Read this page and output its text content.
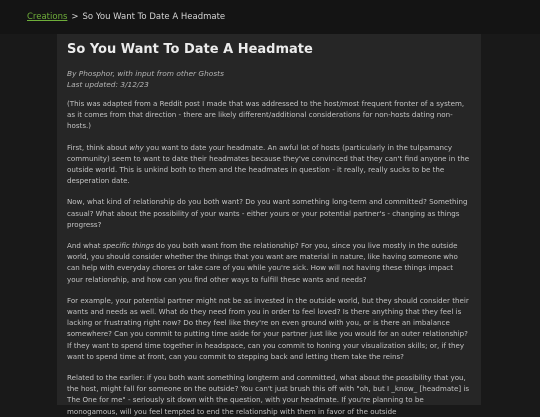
Creations > So You Want To Date A Headmate
So You Want To Date A Headmate
By Phosphor, with input from other Ghosts
Last updated: 3/12/23

(This was adapted from a Reddit post I made that was addressed to the host/most frequent fronter of a system, as it comes from that direction - there are likely different/additional considerations for non-hosts dating non-hosts.)

First, think about why you want to date your headmate. An awful lot of hosts (particularly in the tulpamancy community) seem to want to date their headmates because they've convinced that they can't find anyone in the outside world. This is unkind both to them and the headmates in question - it really, really sucks to be the desperation date.

Now, what kind of relationship do you both want? Do you want something long-term and committed? Something casual? What about the possibility of your wants - either yours or your potential partner's - changing as things progress?

And what specific things do you both want from the relationship? For you, since you live mostly in the outside world, you should consider whether the things that you want are material in nature, like having someone who can help with everyday chores or take care of you while you're sick. How will not having these things impact your relationship, and how can you find other ways to fulfill these wants and needs?

For example, your potential partner might not be as invested in the outside world, but they should consider their wants and needs as well. What do they need from you in order to feel loved? Is there anything that they feel is lacking or frustrating right now? Do they feel like they're on even ground with you, or is there an imbalance somewhere? Can you commit to putting time aside for your partner just like you would for an outer relationship? If they want to spend time together in headspace, can you commit to honing your visualization skills; or, if they want to spend time at front, can you commit to stepping back and letting them take the reins?

Related to the earlier: if you both want something longterm and committed, what about the possibility that you, the host, might fall for someone on the outside? You can't just brush this off with "oh, but I _know_ [headmate] is The One for me" - seriously sit down with the question, with your headmate. If you're planning to be monogamous, will you feel tempted to end the relationship with them in favor of the outside
